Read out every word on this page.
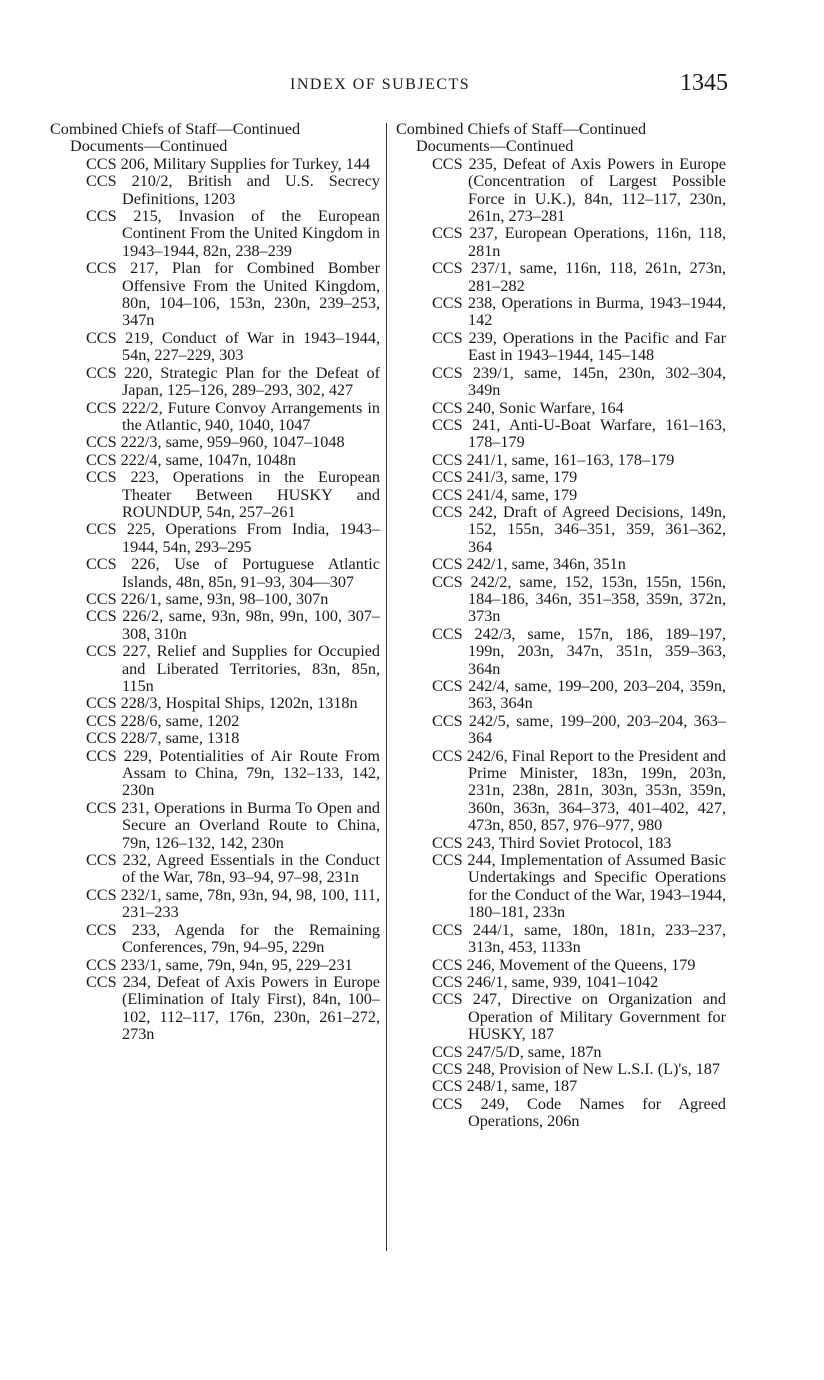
INDEX OF SUBJECTS	1345

Combined Chiefs of Staff—Continued

Documents—Continued

CCS 206, Military Supplies for Turkey, 144
CCS 210/2, British and U.S. Secrecy Definitions, 1203
CCS 215, Invasion of the European Continent From the United Kingdom in 1943–1944, 82n, 238–239
CCS 217, Plan for Combined Bomber Offensive From the United Kingdom, 80n, 104–106, 153n, 230n, 239–253, 347n
CCS 219, Conduct of War in 1943–1944, 54n, 227–229, 303
CCS 220, Strategic Plan for the Defeat of Japan, 125–126, 289–293, 302, 427
CCS 222/2, Future Convoy Arrangements in the Atlantic, 940, 1040, 1047
CCS 222/3, same, 959–960, 1047–1048
CCS 222/4, same, 1047n, 1048n
CCS 223, Operations in the European Theater Between HUSKY and ROUNDUP, 54n, 257–261
CCS 225, Operations From India, 1943–1944, 54n, 293–295
CCS 226, Use of Portuguese Atlantic Islands, 48n, 85n, 91–93, 304—307
CCS 226/1, same, 93n, 98–100, 307n
CCS 226/2, same, 93n, 98n, 99n, 100, 307–308, 310n
CCS 227, Relief and Supplies for Occupied and Liberated Territories, 83n, 85n, 115n
CCS 228/3, Hospital Ships, 1202n, 1318n
CCS 228/6, same, 1202
CCS 228/7, same, 1318
CCS 229, Potentialities of Air Route From Assam to China, 79n, 132–133, 142, 230n
CCS 231, Operations in Burma To Open and Secure an Overland Route to China, 79n, 126–132, 142, 230n
CCS 232, Agreed Essentials in the Conduct of the War, 78n, 93–94, 97–98, 231n
CCS 232/1, same, 78n, 93n, 94, 98, 100, 111, 231–233
CCS 233, Agenda for the Remaining Conferences, 79n, 94–95, 229n
CCS 233/1, same, 79n, 94n, 95, 229–231
CCS 234, Defeat of Axis Powers in Europe (Elimination of Italy First), 84n, 100–102, 112–117, 176n, 230n, 261–272, 273n

Combined Chiefs of Staff—Continued

Documents—Continued

CCS 235, Defeat of Axis Powers in Europe (Concentration of Largest Possible Force in U.K.), 84n, 112–117, 230n, 261n, 273–281
CCS 237, European Operations, 116n, 118, 281n
CCS 237/1, same, 116n, 118, 261n, 273n, 281–282
CCS 238, Operations in Burma, 1943–1944, 142
CCS 239, Operations in the Pacific and Far East in 1943–1944, 145–148
CCS 239/1, same, 145n, 230n, 302–304, 349n
CCS 240, Sonic Warfare, 164
CCS 241, Anti-U-Boat Warfare, 161–163, 178–179
CCS 241/1, same, 161–163, 178–179
CCS 241/3, same, 179
CCS 241/4, same, 179
CCS 242, Draft of Agreed Decisions, 149n, 152, 155n, 346–351, 359, 361–362, 364
CCS 242/1, same, 346n, 351n
CCS 242/2, same, 152, 153n, 155n, 156n, 184–186, 346n, 351–358, 359n, 372n, 373n
CCS 242/3, same, 157n, 186, 189–197, 199n, 203n, 347n, 351n, 359–363, 364n
CCS 242/4, same, 199–200, 203–204, 359n, 363, 364n
CCS 242/5, same, 199–200, 203–204, 363–364
CCS 242/6, Final Report to the President and Prime Minister, 183n, 199n, 203n, 231n, 238n, 281n, 303n, 353n, 359n, 360n, 363n, 364–373, 401–402, 427, 473n, 850, 857, 976–977, 980
CCS 243, Third Soviet Protocol, 183
CCS 244, Implementation of Assumed Basic Undertakings and Specific Operations for the Conduct of the War, 1943–1944, 180–181, 233n
CCS 244/1, same, 180n, 181n, 233–237, 313n, 453, 1133n
CCS 246, Movement of the Queens, 179
CCS 246/1, same, 939, 1041–1042
CCS 247, Directive on Organization and Operation of Military Government for HUSKY, 187
CCS 247/5/D, same, 187n
CCS 248, Provision of New L.S.I. (L)'s, 187
CCS 248/1, same, 187
CCS 249, Code Names for Agreed Operations, 206n
